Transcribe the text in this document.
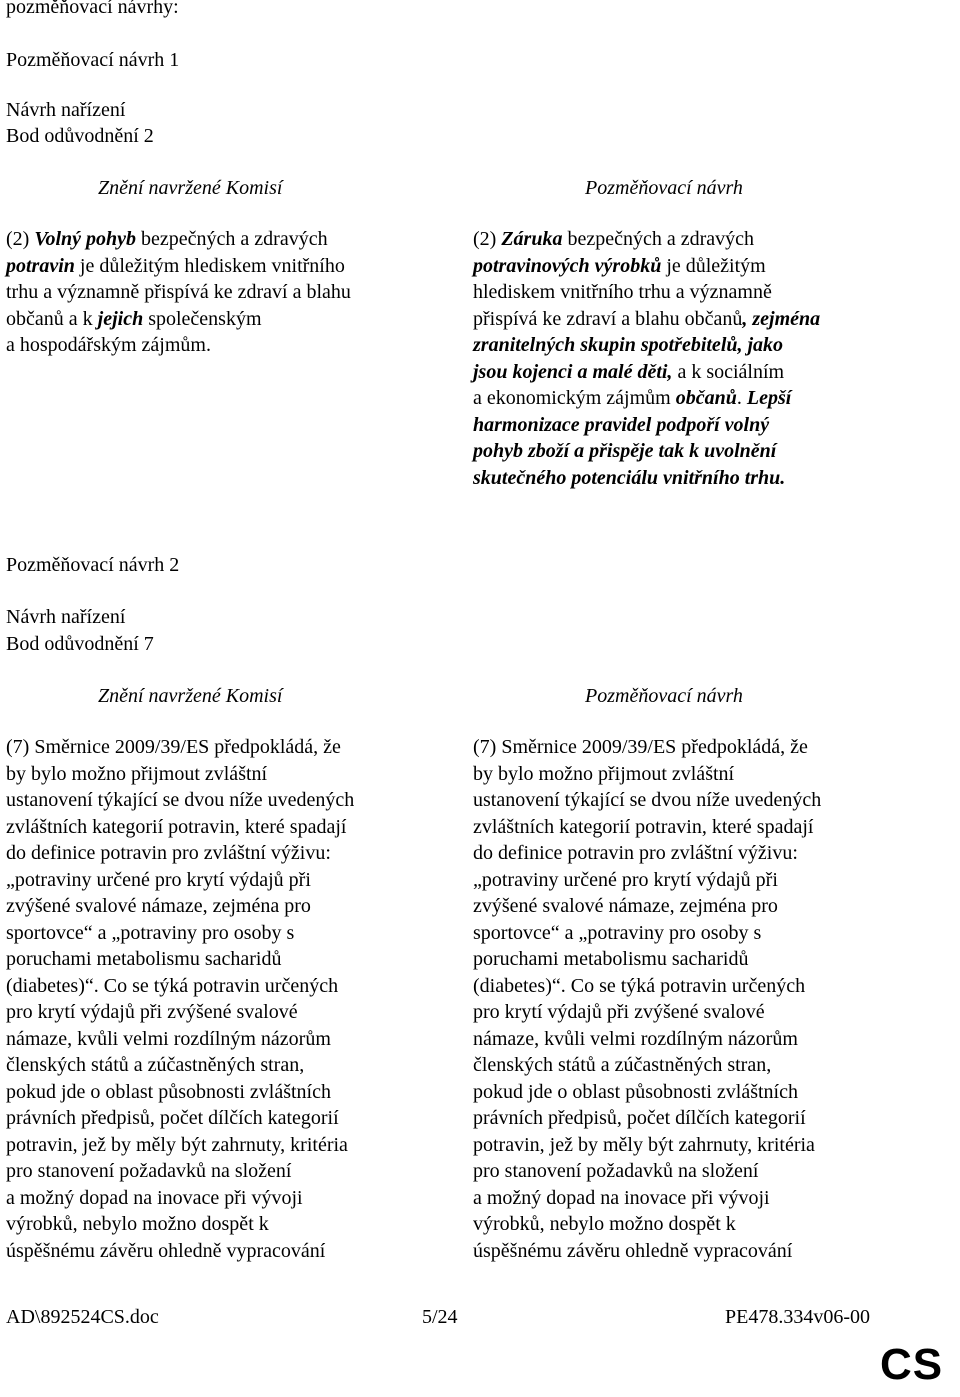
pozměňovací návrhy:
Pozměňovací návrh 1
Návrh nařízení
Bod odůvodnění 2
Znění navržené Komisí	Pozměňovací návrh
(2) Volný pohyb bezpečných a zdravých
potravin je důležitým hlediskem vnitřního
trhu a významně přispívá ke zdraví a blahu
občanů a k jejich společenským
a hospodářským zájmům.
(2) Záruka bezpečných a zdravých
potravinových výrobků je důležitým
hlediskem vnitřního trhu a významně
přispívá ke zdraví a blahu občanů, zejména
zranitelných skupin spotřebitelů, jako
jsou kojenci a malé děti, a k sociálním
a ekonomickým zájmům občanů. Lepší
harmonizace pravidel podpoří volný
pohyb zboží a přispěje tak k uvolnění
skutečného potenciálu vnitřního trhu.
Pozměňovací návrh 2
Návrh nařízení
Bod odůvodnění 7
Znění navržené Komisí	Pozměňovací návrh
(7) Směrnice 2009/39/ES předpokládá, že
by bylo možno přijmout zvláštní
ustanovení týkající se dvou níže uvedených
zvláštních kategorií potravin, které spadají
do definice potravin pro zvláštní výživu:
„potraviny určené pro krytí výdajů při
zvýšené svalové námaze, zejména pro
sportovce“ a „potraviny pro osoby s
poruchami metabolismu sacharidů
(diabetes)“. Co se týká potravin určených
pro krytí výdajů při zvýšené svalové
námaze, kvůli velmi rozdílným názorům
členských států a zúčastněných stran,
pokud jde o oblast působnosti zvláštních
právních předpisů, počet dílčích kategorií
potravin, jež by měly být zahrnuty, kritéria
pro stanovení požadavků na složení
a možný dopad na inovace při vývoji
výrobků, nebylo možno dospět k
úspěšnému závěru ohledně vypracování
(7) Směrnice 2009/39/ES předpokládá, že
by bylo možno přijmout zvláštní
ustanovení týkající se dvou níže uvedených
zvláštních kategorií potravin, které spadají
do definice potravin pro zvláštní výživu:
„potraviny určené pro krytí výdajů při
zvýšené svalové námaze, zejména pro
sportovce“ a „potraviny pro osoby s
poruchami metabolismu sacharidů
(diabetes)“. Co se týká potravin určených
pro krytí výdajů při zvýšené svalové
námaze, kvůli velmi rozdílným názorům
členských států a zúčastněných stran,
pokud jde o oblast působnosti zvláštních
právních předpisů, počet dílčích kategorií
potravin, jež by měly být zahrnuty, kritéria
pro stanovení požadavků na složení
a možný dopad na inovace při vývoji
výrobků, nebylo možno dospět k
úspěšnému závěru ohledně vypracování
AD\892524CS.doc	5/24	PE478.334v06-00
CS
